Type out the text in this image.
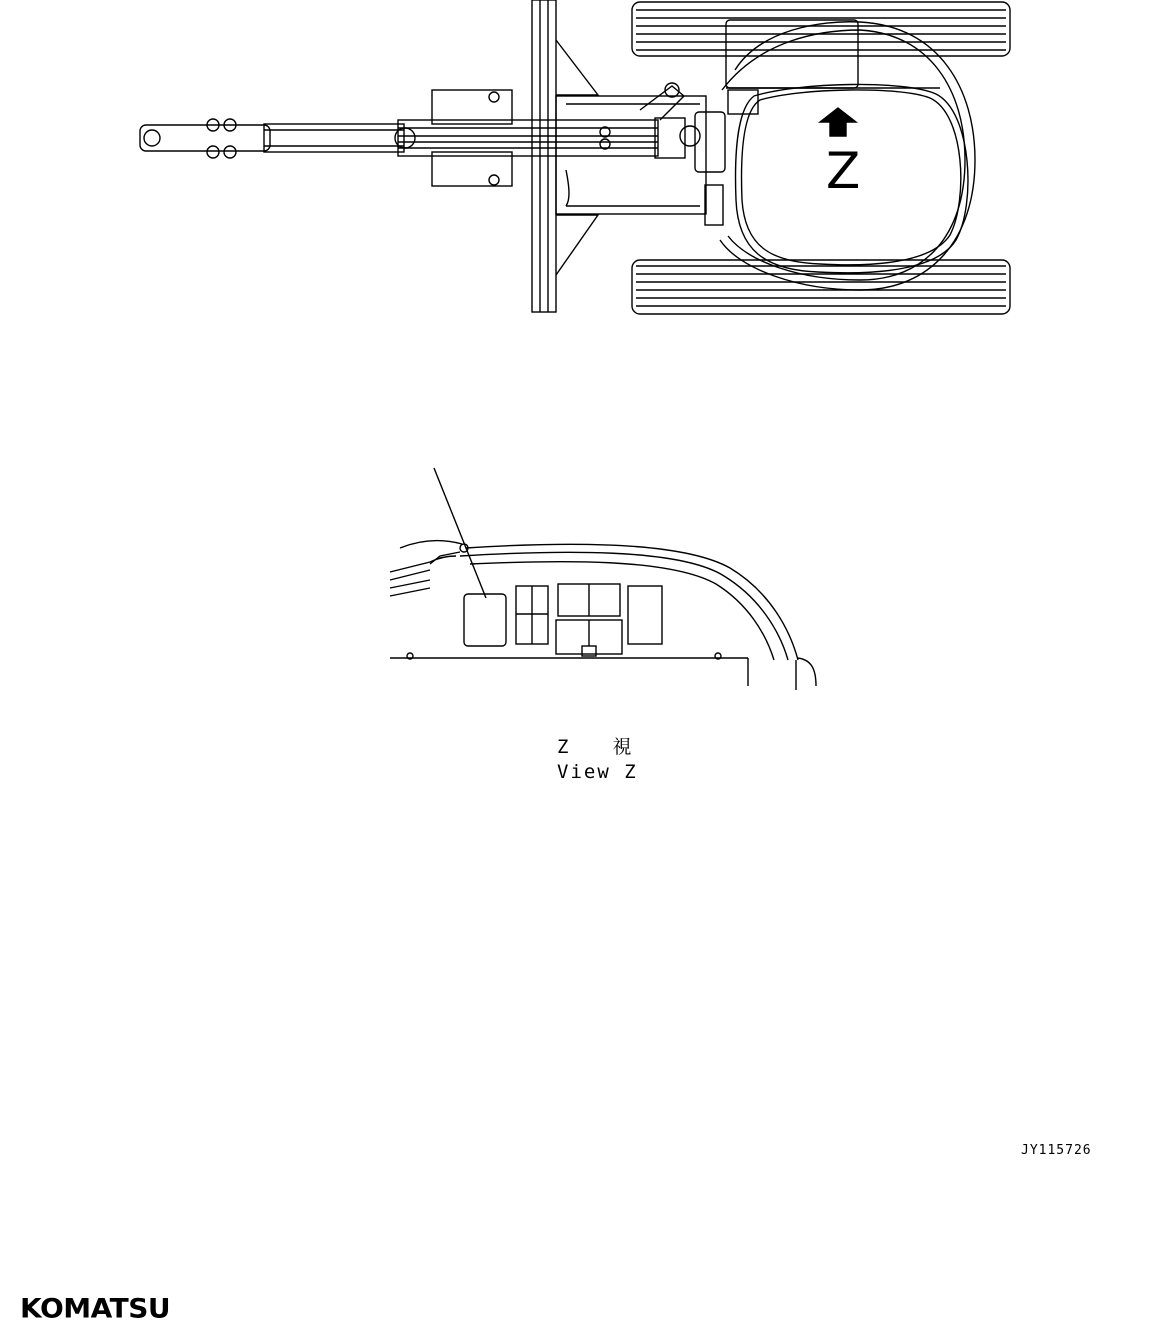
Z
Z　　視
View Z
JY115726
KOMATSU
